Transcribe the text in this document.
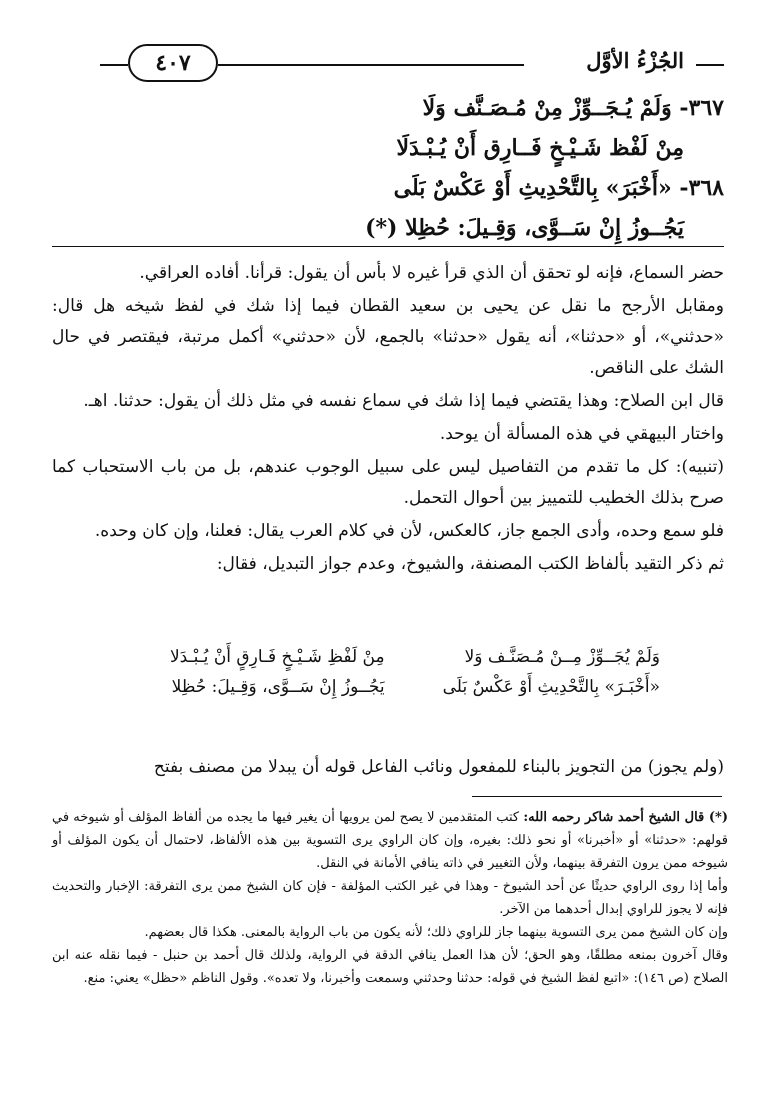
الجُزْءُ الأوَّل
٤٠٧
٣٦٧- وَلَمْ يُـجَــوِّزْ مِنْ مُـصَـنَّف وَلَا
مِنْ لَفْظ شَـيْـخٍ فَــارِق أَنْ يُـبْـدَلَا
٣٦٨- «أَخْبَرَ» بِالتَّحْدِيثِ أَوْ عَكْسٌ بَلَى
يَجُــوزُ إِنْ سَــوَّى، وَقِـيلَ: حُظِلا (*)

حضر السماع، فإنه لو تحقق أن الذي قرأ غيره لا بأس أن يقول: قرأنا. أفاده العراقي.

ومقابل الأرجح ما نقل عن يحيى بن سعيد القطان فيما إذا شك في لفظ شيخه هل قال: «حدثني»، أو «حدثنا»، أنه يقول «حدثنا» بالجمع، لأن «حدثني» أكمل مرتبة، فيقتصر في حال الشك على الناقص.

قال ابن الصلاح: وهذا يقتضي فيما إذا شك في سماع نفسه في مثل ذلك أن يقول: حدثنا. اهـ.

واختار البيهقي في هذه المسألة أن يوحد.

(تنبيه): كل ما تقدم من التفاصيل ليس على سبيل الوجوب عندهم، بل من باب الاستحباب كما صرح بذلك الخطيب للتمييز بين أحوال التحمل.

فلو سمع وحده، وأدى الجمع جاز، كالعكس، لأن في كلام العرب يقال: فعلنا، وإن كان وحده.

ثم ذكر التقيد بألفاظ الكتب المصنفة، والشيوخ، وعدم جواز التبديل، فقال:

وَلَمْ يُجَــوِّزْ مِــنْ مُـصَنَّـف وَلا مِنْ لَفْظِ شَـيْـخٍ فَـارِقٍ أَنْ يُـبْـدَلا
«أَخْبَـرَ» بِالتَّحْدِيثِ أَوْ عَكْسٌ بَلَى يَجُــوزُ إِنْ سَــوَّى، وَقِـيلَ: حُظِلا

(ولم يجوز) من التجويز بالبناء للمفعول ونائب الفاعل قوله أن يبدلا من مصنف بفتح

(*) قال الشيخ أحمد شاكر رحمه الله: كتب المتقدمين لا يصح لمن يرويها أن يغير فيها ما يجده من ألفاظ المؤلف أو شيوخه في قولهم: «حدثنا» أو «أخبرنا» أو نحو ذلك: بغيره، وإن كان الراوي يرى التسوية بين هذه الألفاظ، لاحتمال أن يكون المؤلف أو شيوخه ممن يرون التفرقة بينهما، ولأن التغيير في ذاته ينافي الأمانة في النقل.

وأما إذا روى الراوي حديثًا عن أحد الشيوخ - وهذا في غير الكتب المؤلفة - فإن كان الشيخ ممن يرى التفرقة: الإخبار والتحديث فإنه لا يجوز للراوي إبدال أحدهما من الآخر.

وإن كان الشيخ ممن يرى التسوية بينهما جاز للراوي ذلك؛ لأنه يكون من باب الرواية بالمعنى. هكذا قال بعضهم.

وقال آخرون بمنعه مطلقًا، وهو الحق؛ لأن هذا العمل ينافي الدقة في الرواية، ولذلك قال أحمد بن حنبل - فيما نقله عنه ابن الصلاح (ص ١٤٦): «اتبع لفظ الشيخ في قوله: حدثنا وحدثني وسمعت وأخبرنا، ولا تعده». وقول الناظم «حظل» يعني: منع.
